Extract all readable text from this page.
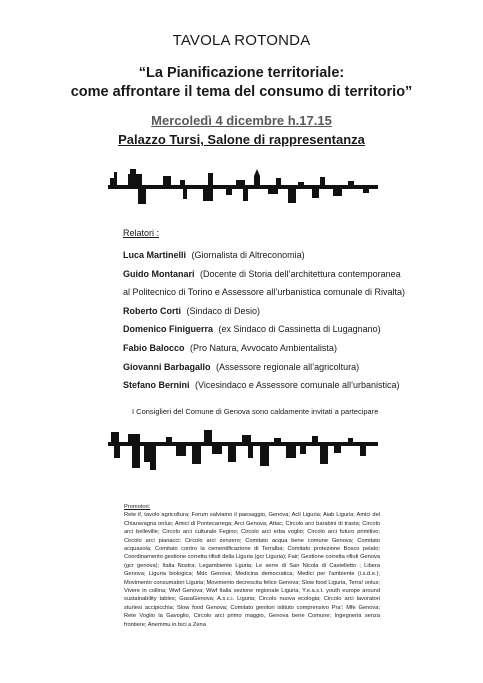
TAVOLA ROTONDA
“La Pianificazione territoriale:
come affrontare il tema del consumo di territorio”
Mercoledì 4 dicembre h.17.15
Palazzo Tursi, Salone di rappresentanza
Relatori :
Luca Martinelli (Giornalista di Altreconomia)
Guido Montanari (Docente di Storia dell’architettura contemporanea
al Politecnico di Torino e Assessore all’urbanistica comunale di Rivalta)
Roberto Corti (Sindaco di Desio)
Domenico Finiguerra (ex Sindaco di Cassinetta di Lugagnano)
Fabio Balocco (Pro Natura, Avvocato Ambientalista)
Giovanni Barbagallo (Assessore regionale all’agricoltura)
Stefano Bernini (Vicesindaco e Assessore comunale all’urbanistica)
I Consiglieri del Comune di Genova sono caldamente invitati a partecipare
Promotori:
Rete if, tavolo agricoltura; Forum salviamo il paesaggio, Genova; Acli Liguria; Aiab Liguria; Amici del Chiaravagna onlus; Amici di Pontecarrega; Arci Genova; Attac; Circolo arci barabini di trasta; Circolo arci belleville; Circolo arci culturale Fegino; Circolo arci erba voglio; Circolo arci futuro primitivo; Circolo arci pianacci; Circolo arci zenzero; Comitato acqua bene comune Genova; Comitato acquasola; Comitato contro la cementificazione di Terralba; Comitato protezione Bosco pelato; Coordinamento gestione corretta rifiuti della Liguria (gcr Liguria); Fair; Gestione corretta rifiuti Genova (gcr genova); Italia Nostra; Legambiente Lguria; Le serre di San Nicola di Castelletto ; Libera Genova; Liguria biologica; Mdc Genova; Medicina democratica; Medici per l’ambiente (i.s.d.e.); Movimento consumatori Liguria; Movimento decrescita felice Genova; Slow food Liguria, Terra! onlus; Vivere in collina; Wwf Genova; Wwf Italia sezione regionale Liguria; Y.e.a.s.t. youth europe around sustainability tables; GasaGenova; A.s.c.i. Liguria; Circolo nuova ecologia; Circolo arci lavoratori sturlesi accipicchia; Slow food Genova; Comitato genitori istituto comprensivo Pra’; Mfe Genova; Rete Voglio la Gavoglio, Circolo arci primo maggio, Genova bene Comune; Ingegneria senza frontiere; Anemmu in bici a Zena
